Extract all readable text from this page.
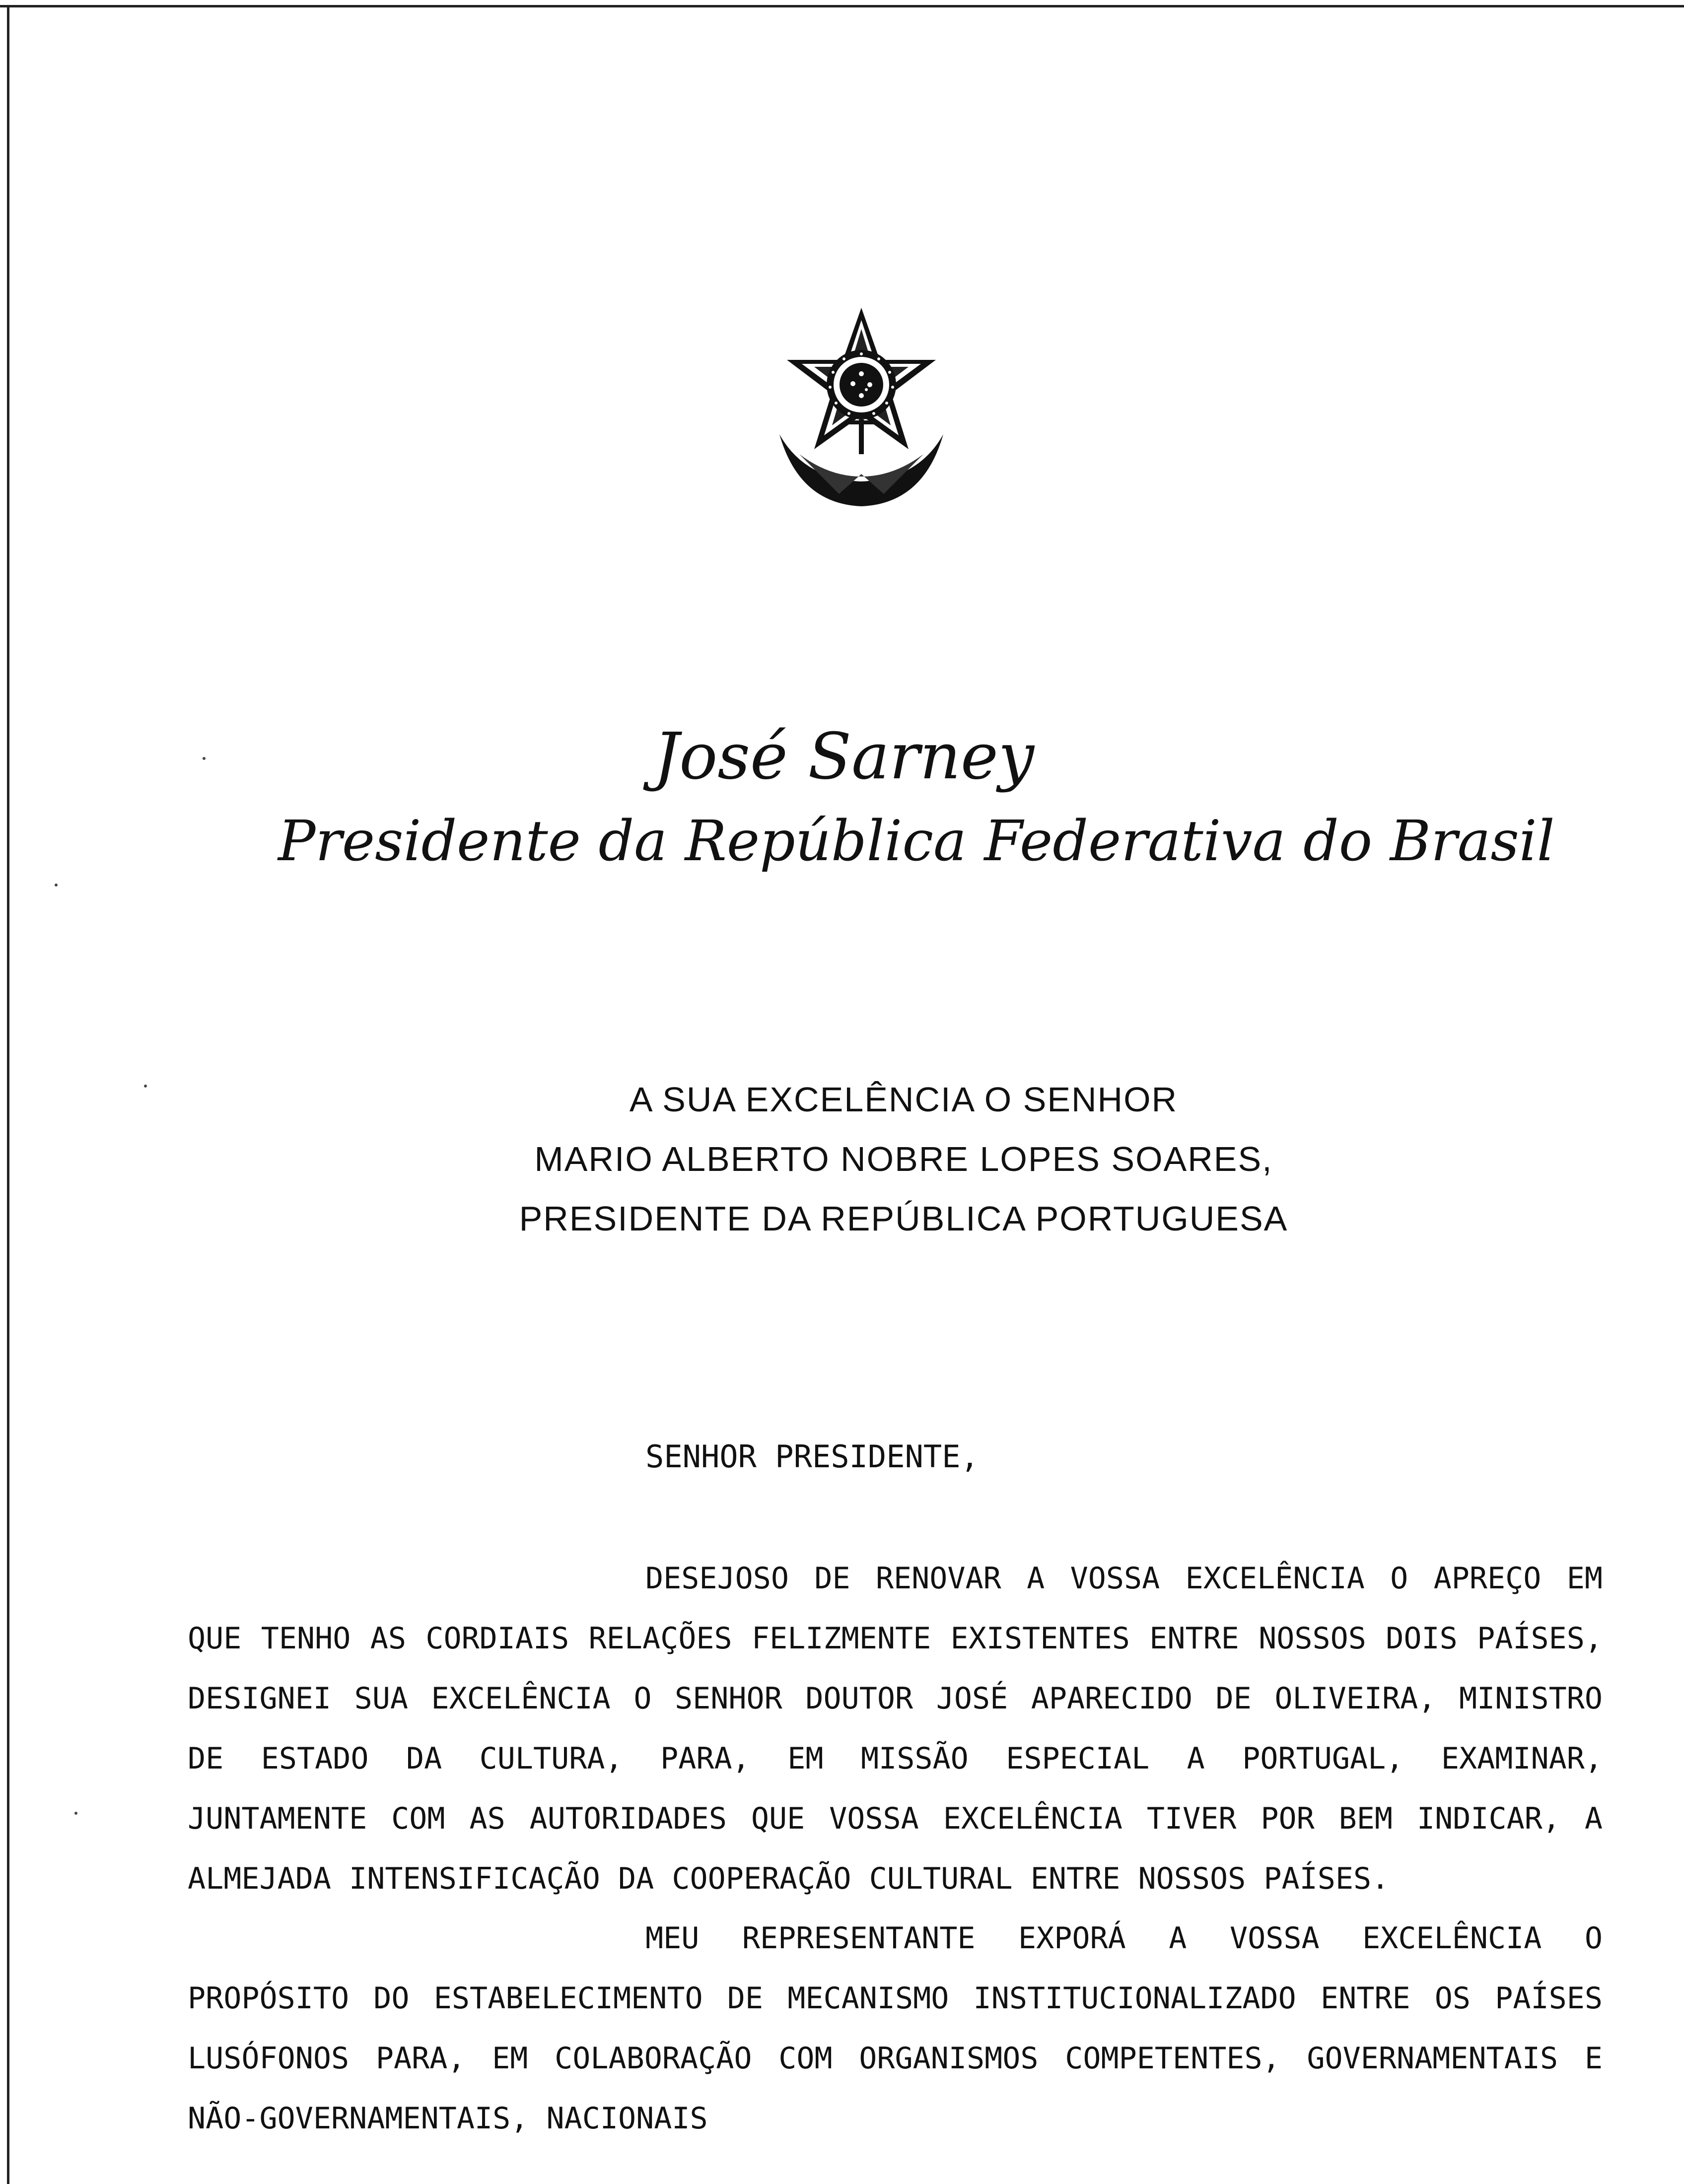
José Sarney
Presidente da República Federativa do Brasil
A SUA EXCELÊNCIA O SENHOR
MARIO ALBERTO NOBRE LOPES SOARES,
PRESIDENTE DA REPÚBLICA PORTUGUESA
SENHOR PRESIDENTE,
DESEJOSO DE RENOVAR A VOSSA EXCELÊNCIA O APREÇO EM QUE TENHO AS CORDIAIS RELAÇÕES FELIZMENTE EXISTENTES ENTRE NOSSOS DOIS PAÍSES, DESIGNEI SUA EXCELÊNCIA O SENHOR DOUTOR JOSÉ APARECIDO DE OLIVEIRA, MINISTRO DE ESTADO DA CULTURA, PARA, EM MISSÃO ESPECIAL A PORTUGAL, EXAMINAR, JUNTAMENTE COM AS AUTORIDADES QUE VOSSA EXCELÊNCIA TIVER POR BEM INDICAR, A ALMEJADA INTENSIFICAÇÃO DA COOPERAÇÃO CULTURAL ENTRE NOSSOS PAÍSES.
MEU REPRESENTANTE EXPORÁ A VOSSA EXCELÊNCIA O PROPÓSITO DO ESTABELECIMENTO DE MECANISMO INSTITUCIONALIZADO ENTRE OS PAÍSES LUSÓFONOS PARA, EM COLABORAÇÃO COM ORGANISMOS COMPETENTES, GOVERNAMENTAIS E NÃO-GOVERNAMENTAIS, NACIONAIS
